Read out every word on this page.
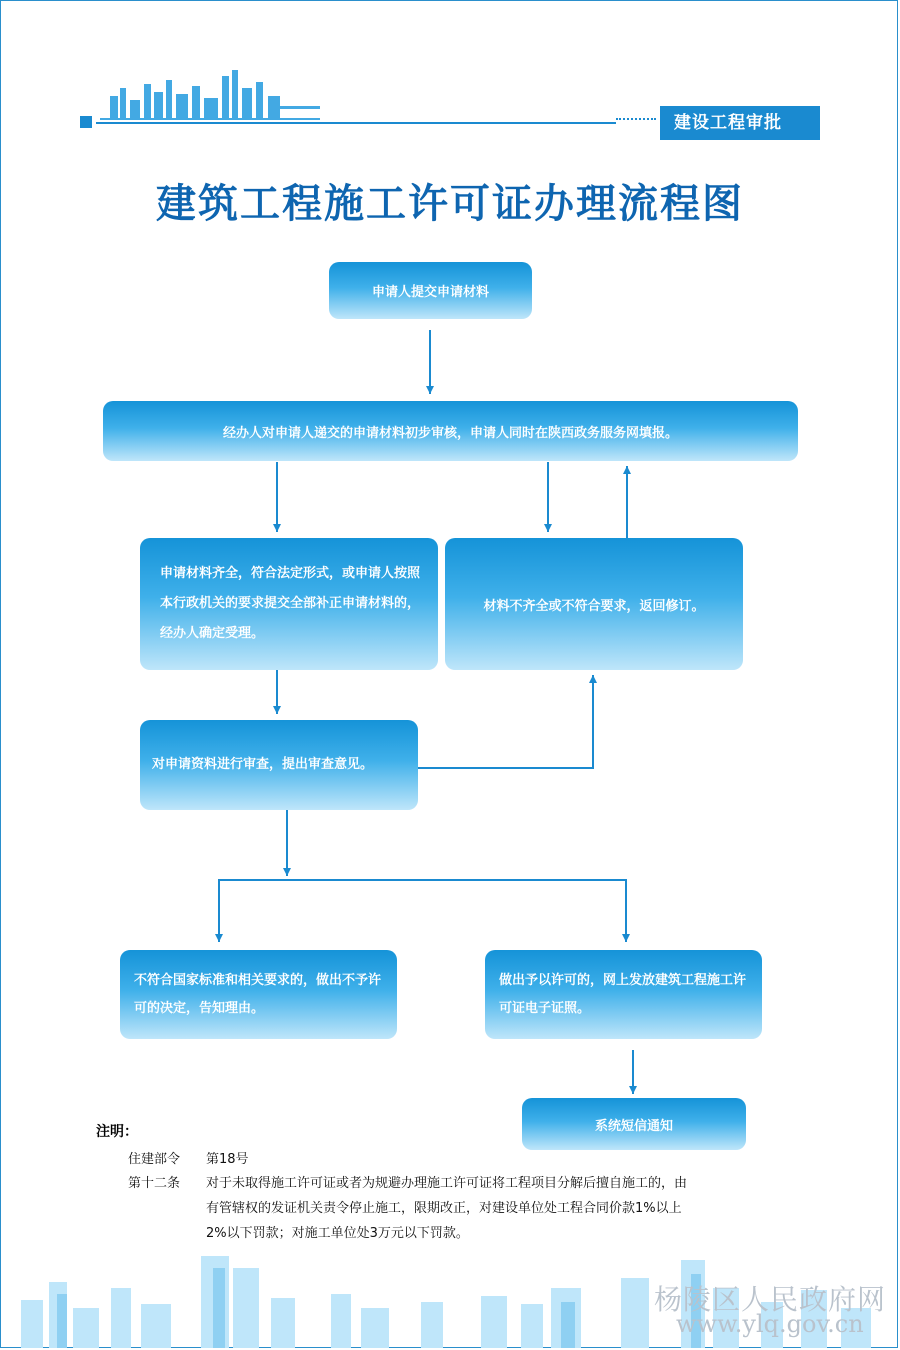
建设工程审批
建筑工程施工许可证办理流程图
申请人提交申请材料
经办人对申请人递交的申请材料初步审核，申请人同时在陕西政务服务网填报。
申请材料齐全，符合法定形式，或申请人按照本行政机关的要求提交全部补正申请材料的，经办人确定受理。
材料不齐全或不符合要求，返回修订。
对申请资料进行审查，提出审查意见。
不符合国家标准和相关要求的，做出不予许可的决定，告知理由。
做出予以许可的，网上发放建筑工程施工许可证电子证照。
系统短信通知
注明：
住建部令 第18号
第十二条 对于未取得施工许可证或者为规避办理施工许可证将工程项目分解后擅自施工的，由
有管辖权的发证机关责令停止施工，限期改正，对建设单位处工程合同价款1%以上
2%以下罚款；对施工单位处3万元以下罚款。
杨陵区人民政府网
www.ylq.gov.cn
